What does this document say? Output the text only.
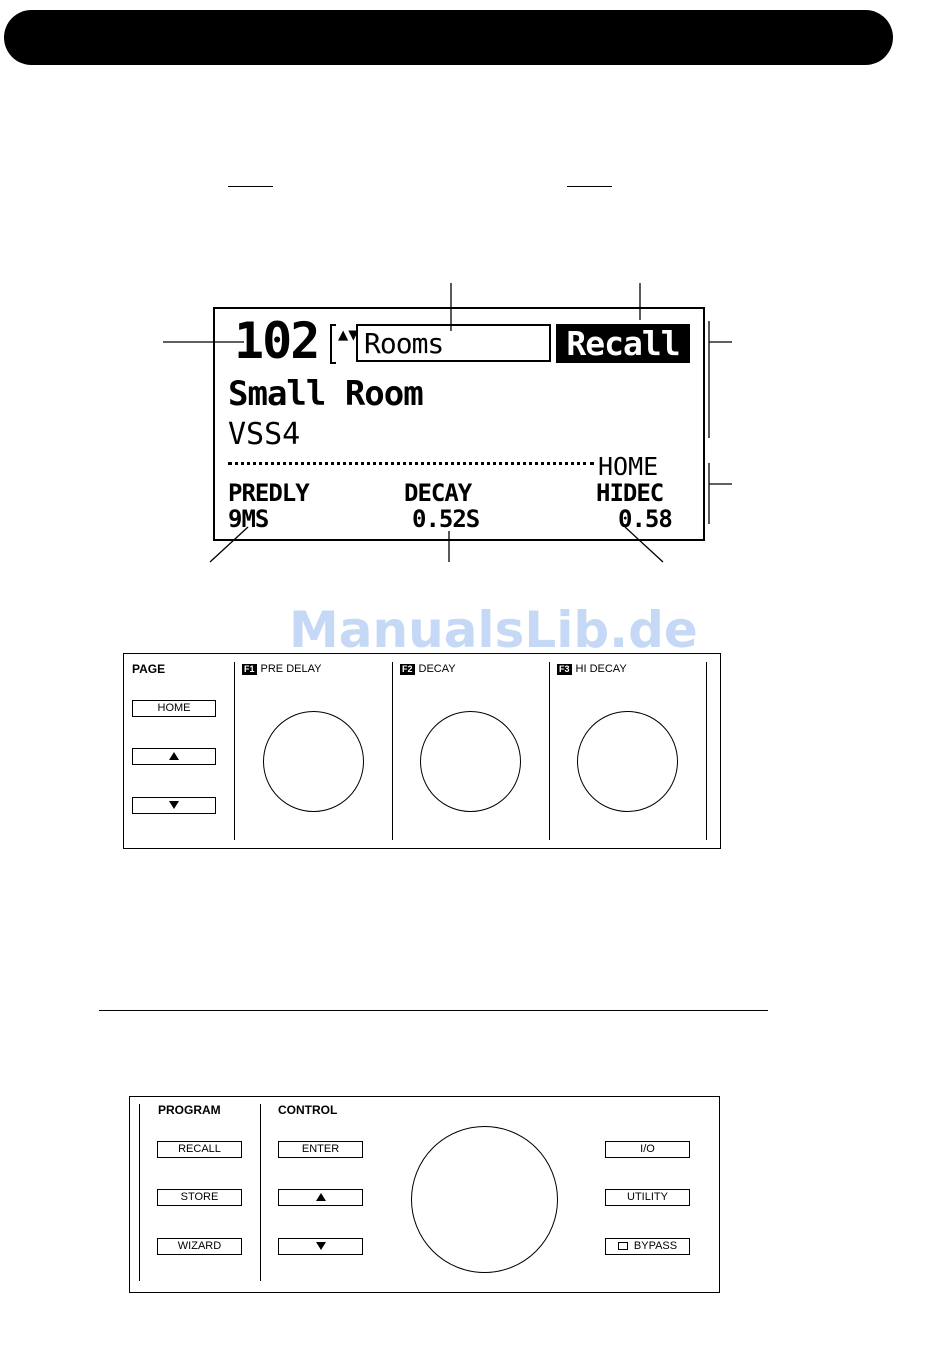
102 ▲▼ Rooms	Recall
Small Room
VSS4
HOME
PREDLY	DECAY	HIDEC
9MS	0.52S	0.58
ManualsLib.de
PAGE
HOME
F1 PRE DELAY	F2 DECAY	F3 HI DECAY
PROGRAM	CONTROL
RECALL
STORE
WIZARD
ENTER	I/O
UTILITY
BYPASS
